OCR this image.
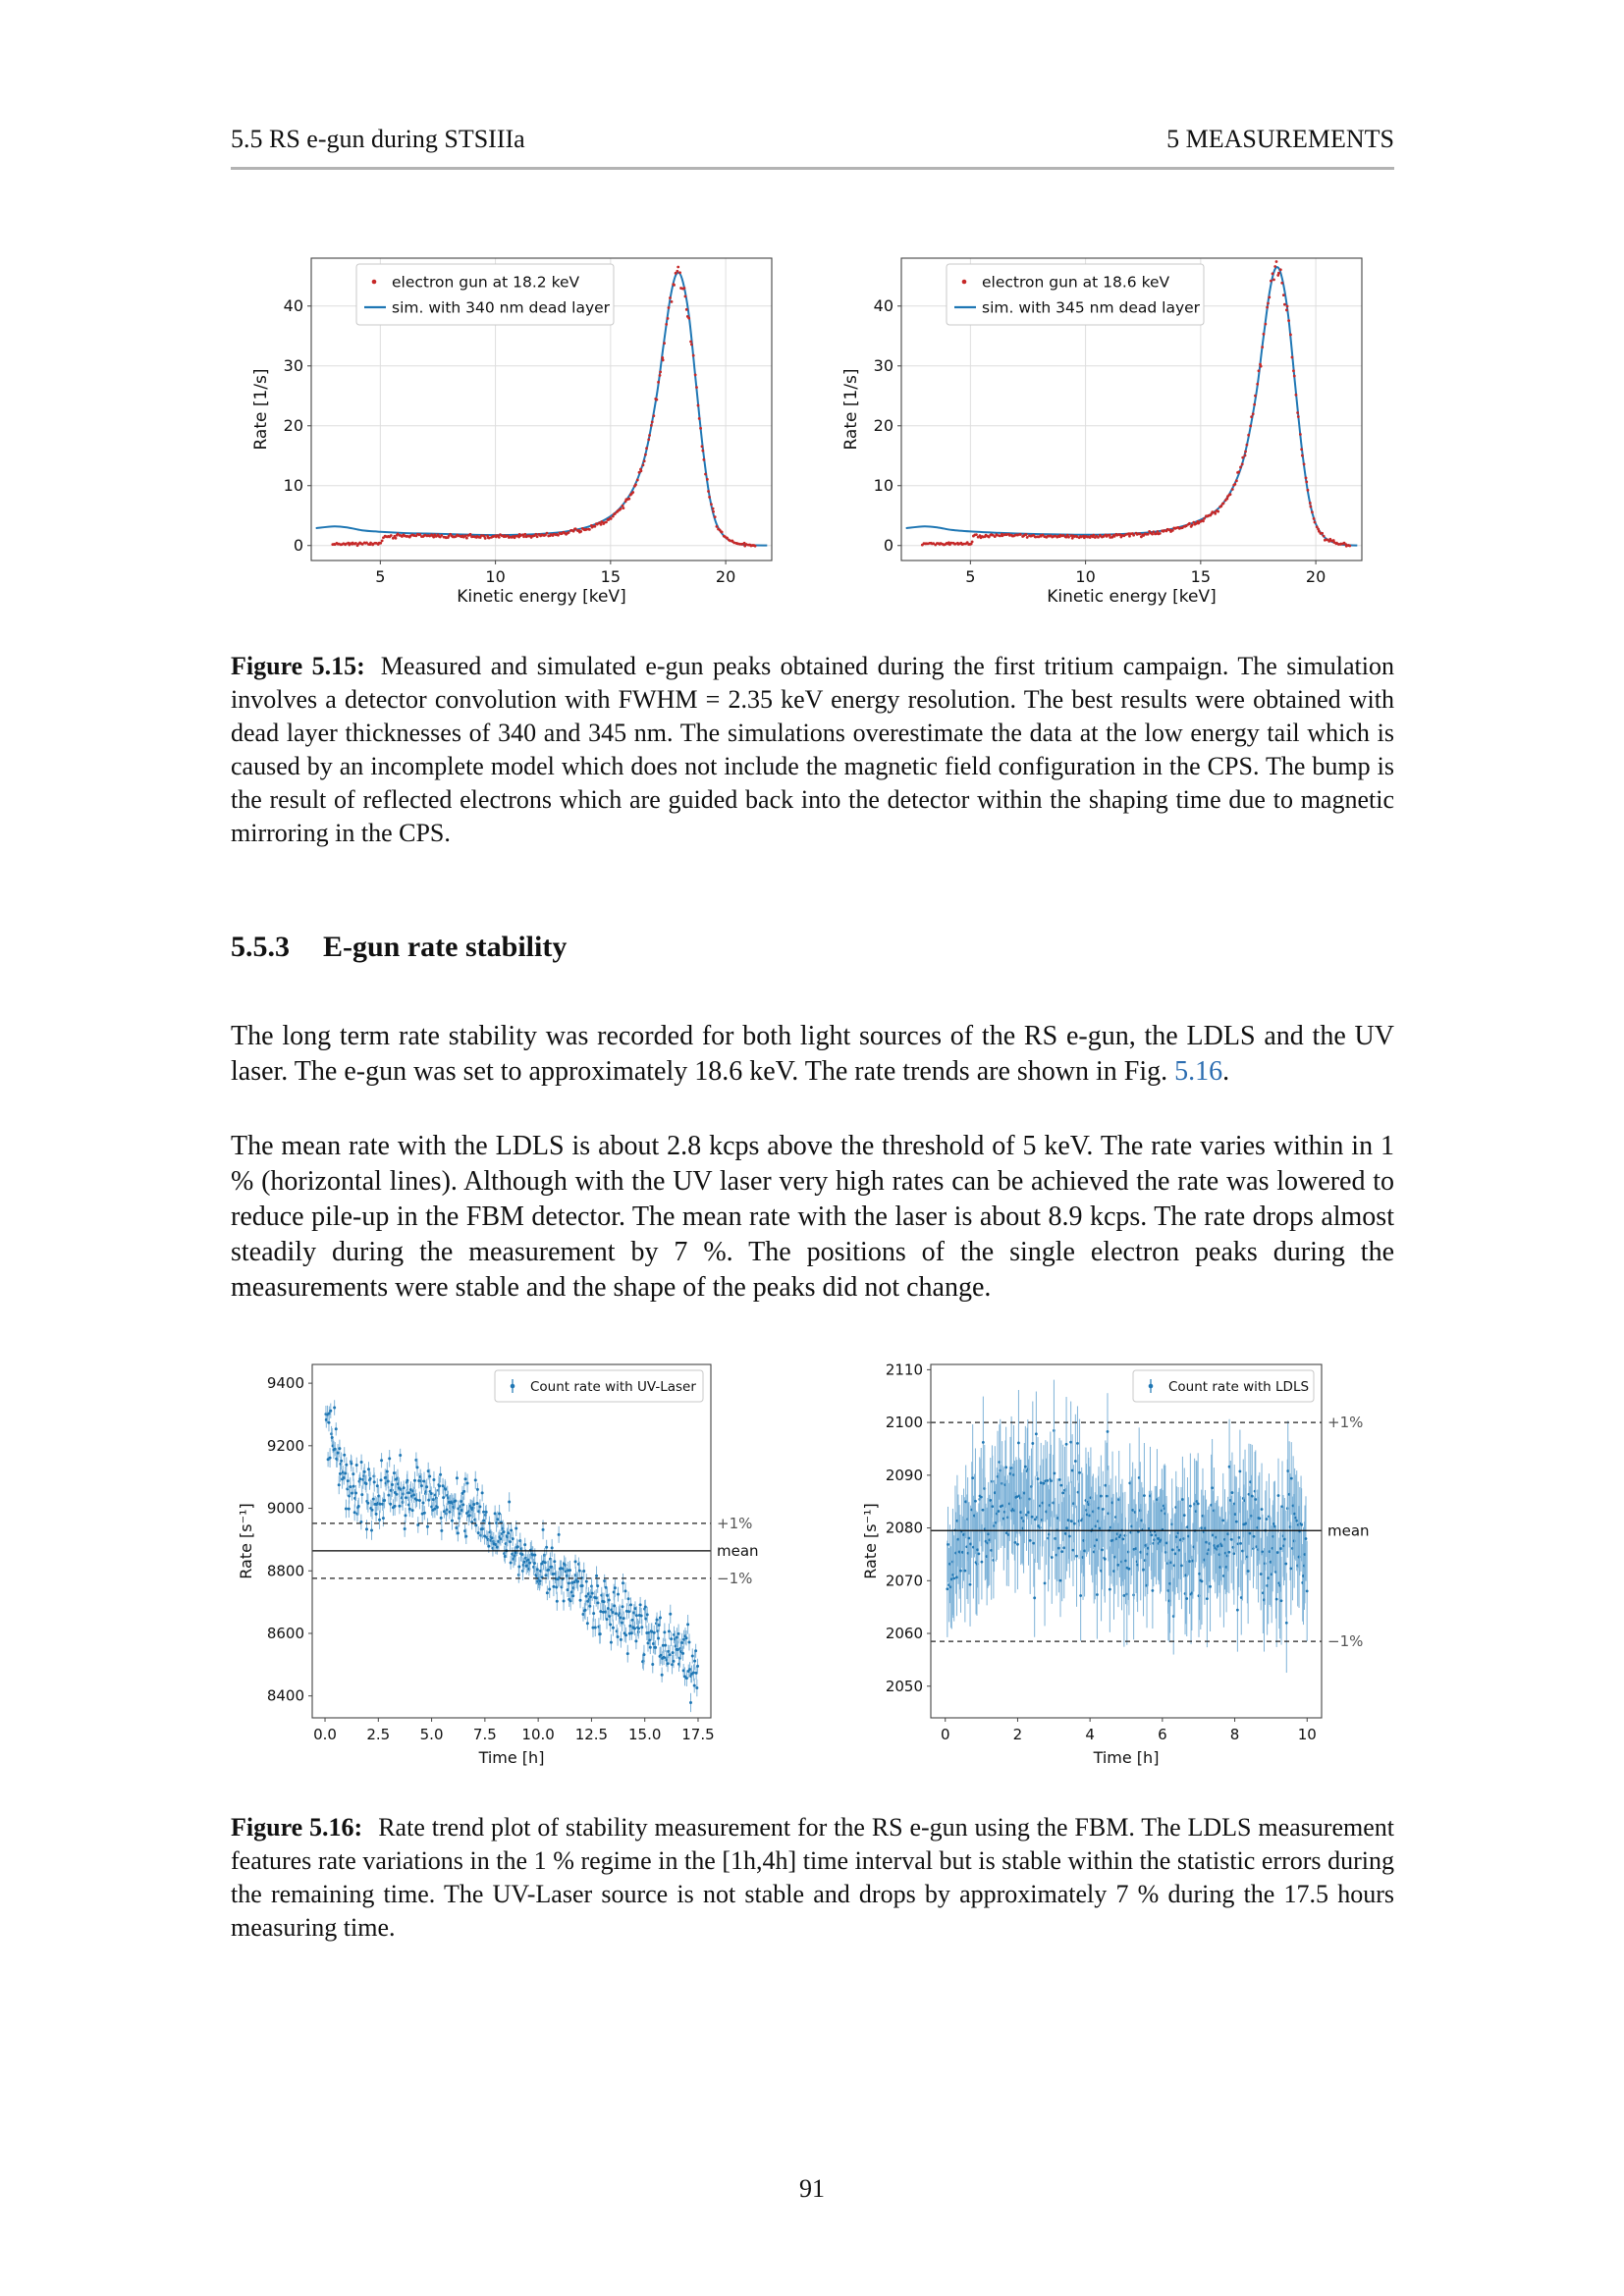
5.5 RS e-gun during STSIIIa	5 MEASUREMENTS
5	10	15	20
0
10
20
30
40
Kinetic energy [keV]
Rate [1/s]
electron gun at 18.2 keV
sim. with 340 nm dead layer
5	10	15	20
0
10
20
30
40
Kinetic energy [keV]
Rate [1/s]
electron gun at 18.6 keV
sim. with 345 nm dead layer
Figure 5.15: Measured and simulated e-gun peaks obtained during the first tritium campaign. The simulation involves a detector convolution with FWHM = 2.35 keV energy resolution. The best results were obtained with dead layer thicknesses of 340 and 345 nm. The simulations overestimate the data at the low energy tail which is caused by an incomplete model which does not include the magnetic field configuration in the CPS. The bump is the result of reflected electrons which are guided back into the detector within the shaping time due to magnetic mirroring in the CPS.
5.5.3 E-gun rate stability

The long term rate stability was recorded for both light sources of the RS e-gun, the LDLS and the UV laser. The e-gun was set to approximately 18.6 keV. The rate trends are shown in Fig. 5.16.

The mean rate with the LDLS is about 2.8 kcps above the threshold of 5 keV. The rate varies within in 1 % (horizontal lines). Although with the UV laser very high rates can be achieved the rate was lowered to reduce pile-up in the FBM detector. The mean rate with the laser is about 8.9 kcps. The rate drops almost steadily during the measurement by 7 %. The positions of the single electron peaks during the measurements were stable and the shape of the peaks did not change.

+1%
mean
−1%
0.0 2.5 5.0 7.5 10.0 12.5 15.0 17.5
8400
8600
8800
9000
9200
9400
Time [h]
Rate [s⁻¹]
Count rate with UV-Laser
+1%
mean
−1%
0	2	4	6	8	10
2050
2060
2070
2080
2090
2100
2110
Time [h]
Rate [s⁻¹]
Count rate with LDLS
Figure 5.16: Rate trend plot of stability measurement for the RS e-gun using the FBM. The LDLS measurement features rate variations in the 1 % regime in the [1h,4h] time interval but is stable within the statistic errors during the remaining time. The UV-Laser source is not stable and drops by approximately 7 % during the 17.5 hours measuring time.
91
